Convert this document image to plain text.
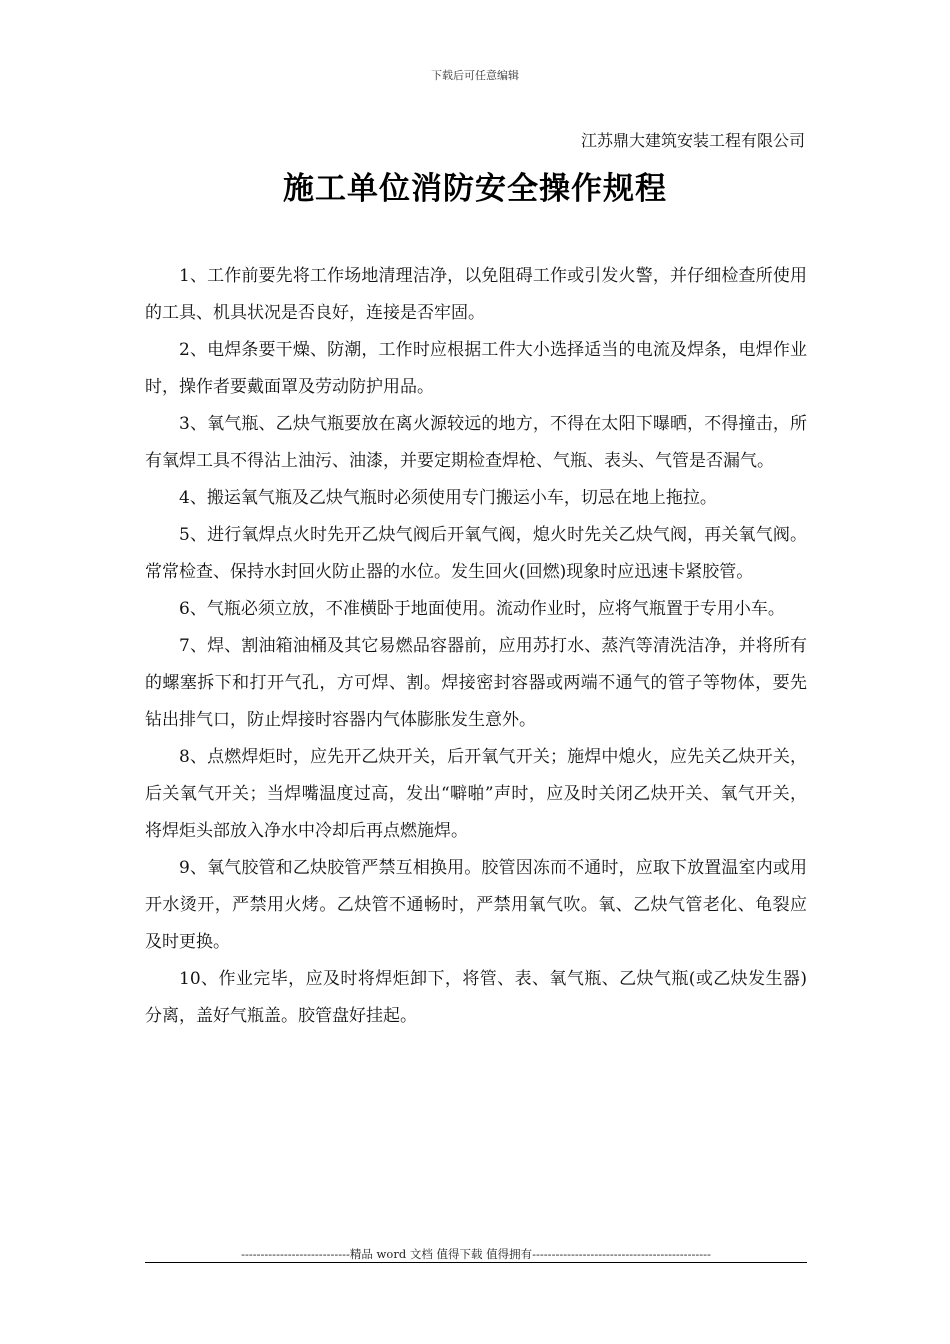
下载后可任意编辑
江苏鼎大建筑安装工程有限公司
施工单位消防安全操作规程

1、工作前要先将工作场地清理洁净，以免阻碍工作或引发火警，并仔细检查所使用的工具、机具状况是否良好，连接是否牢固。

2、电焊条要干燥、防潮，工作时应根据工件大小选择适当的电流及焊条，电焊作业时，操作者要戴面罩及劳动防护用品。

3、氧气瓶、乙炔气瓶要放在离火源较远的地方，不得在太阳下曝晒，不得撞击，所有氧焊工具不得沾上油污、油漆，并要定期检查焊枪、气瓶、表头、气管是否漏气。

4、搬运氧气瓶及乙炔气瓶时必须使用专门搬运小车，切忌在地上拖拉。

5、进行氧焊点火时先开乙炔气阀后开氧气阀，熄火时先关乙炔气阀，再关氧气阀。常常检查、保持水封回火防止器的水位。发生回火(回燃)现象时应迅速卡紧胶管。

6、气瓶必须立放，不准横卧于地面使用。流动作业时，应将气瓶置于专用小车。

7、焊、割油箱油桶及其它易燃品容器前，应用苏打水、蒸汽等清洗洁净，并将所有的螺塞拆下和打开气孔，方可焊、割。焊接密封容器或两端不通气的管子等物体，要先钻出排气口，防止焊接时容器内气体膨胀发生意外。

8、点燃焊炬时，应先开乙炔开关，后开氧气开关；施焊中熄火，应先关乙炔开关，后关氧气开关；当焊嘴温度过高，发出“噼啪”声时，应及时关闭乙炔开关、氧气开关，将焊炬头部放入净水中冷却后再点燃施焊。

9、氧气胶管和乙炔胶管严禁互相换用。胶管因冻而不通时，应取下放置温室内或用开水烫开，严禁用火烤。乙炔管不通畅时，严禁用氧气吹。氧、乙炔气管老化、龟裂应及时更换。

10、作业完毕，应及时将焊炬卸下，将管、表、氧气瓶、乙炔气瓶(或乙炔发生器)分离，盖好气瓶盖。胶管盘好挂起。

----------------------------精品 word 文档 值得下载 值得拥有----------------------------------------------
